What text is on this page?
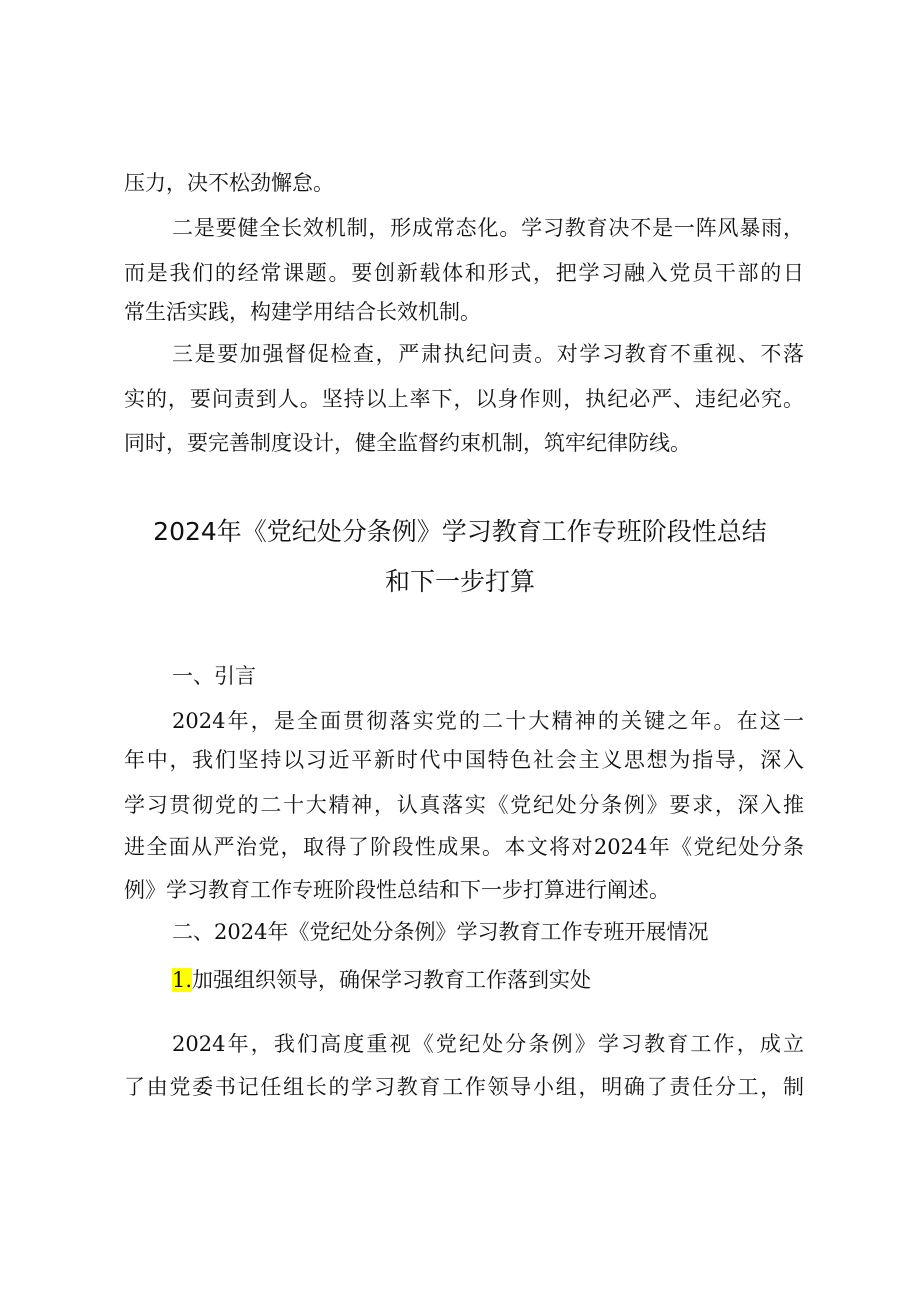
压力，决不松劲懈怠。
二是要健全长效机制，形成常态化。学习教育决不是一阵风暴雨，
而是我们的经常课题。要创新载体和形式，把学习融入党员干部的日
常生活实践，构建学用结合长效机制。
三是要加强督促检查，严肃执纪问责。对学习教育不重视、不落
实的，要问责到人。坚持以上率下，以身作则，执纪必严、违纪必究。
同时，要完善制度设计，健全监督约束机制，筑牢纪律防线。
2024年《党纪处分条例》学习教育工作专班阶段性总结
和下一步打算
一、引言
2024年，是全面贯彻落实党的二十大精神的关键之年。在这一
年中，我们坚持以习近平新时代中国特色社会主义思想为指导，深入
学习贯彻党的二十大精神，认真落实《党纪处分条例》要求，深入推
进全面从严治党，取得了阶段性成果。本文将对2024年《党纪处分条
例》学习教育工作专班阶段性总结和下一步打算进行阐述。
二、2024年《党纪处分条例》学习教育工作专班开展情况
1.加强组织领导，确保学习教育工作落到实处
2024年，我们高度重视《党纪处分条例》学习教育工作，成立
了由党委书记任组长的学习教育工作领导小组，明确了责任分工，制
